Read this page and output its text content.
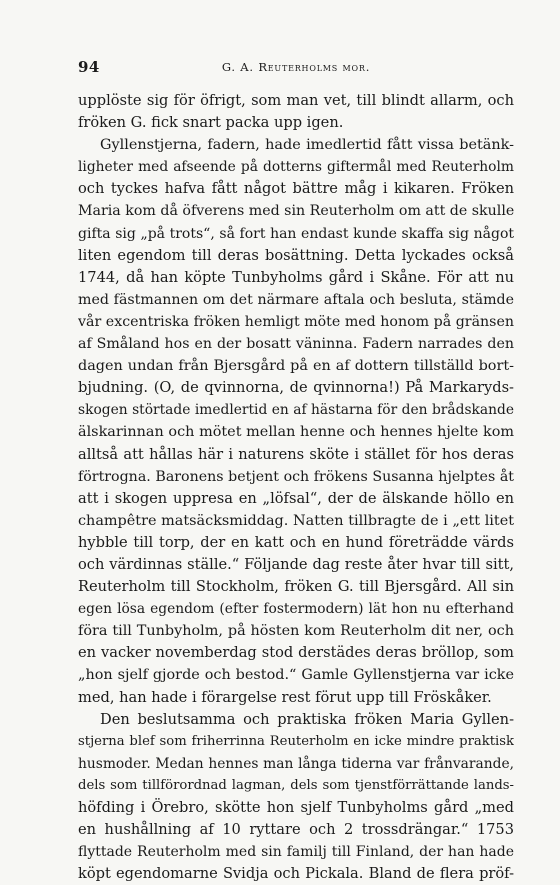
94	G. A. Reuterholms mor.
upplöste sig för öfrigt, som man vet, till blindt allarm, och
fröken G. fick snart packa upp igen.
Gyllenstjerna, fadern, hade imedlertid fått vissa betänk-
ligheter med afseende på dotterns giftermål med Reuterholm
och tyckes hafva fått något bättre måg i kikaren. Fröken
Maria kom då öfverens med sin Reuterholm om att de skulle
gifta sig „på trots“, så fort han endast kunde skaffa sig något
liten egendom till deras bosättning. Detta lyckades också
1744, då han köpte Tunbyholms gård i Skåne. För att nu
med fästmannen om det närmare aftala och besluta, stämde
vår excentriska fröken hemligt möte med honom på gränsen
af Småland hos en der bosatt väninna. Fadern narrades den
dagen undan från Bjersgård på en af dottern tillställd bort-
bjudning. (O, de qvinnorna, de qvinnorna!) På Markaryds-
skogen störtade imedlertid en af hästarna för den brådskande
älskarinnan och mötet mellan henne och hennes hjelte kom
alltså att hållas här i naturens sköte i stället för hos deras
förtrogna. Baronens betjent och frökens Susanna hjelptes åt
att i skogen uppresa en „löfsal“, der de älskande höllo en
champêtre matsäcksmiddag. Natten tillbragte de i „ett litet
hybble till torp, der en katt och en hund företrädde värds
och värdinnas ställe.“ Följande dag reste åter hvar till sitt,
Reuterholm till Stockholm, fröken G. till Bjersgård. All sin
egen lösa egendom (efter fostermodern) lät hon nu efterhand
föra till Tunbyholm, på hösten kom Reuterholm dit ner, och
en vacker novemberdag stod derstädes deras bröllop, som
„hon sjelf gjorde och bestod.“ Gamle Gyllenstjerna var icke
med, han hade i förargelse rest förut upp till Fröskåker.
Den beslutsamma och praktiska fröken Maria Gyllen-
stjerna blef som friherrinna Reuterholm en icke mindre praktisk
husmoder. Medan hennes man långa tiderna var frånvarande,
dels som tillförordnad lagman, dels som tjenstförrättande lands-
höfding i Örebro, skötte hon sjelf Tunbyholms gård „med
en hushållning af 10 ryttare och 2 trossdrängar.“ 1753
flyttade Reuterholm med sin familj till Finland, der han hade
köpt egendomarne Svidja och Pickala. Bland de flera pröf-
